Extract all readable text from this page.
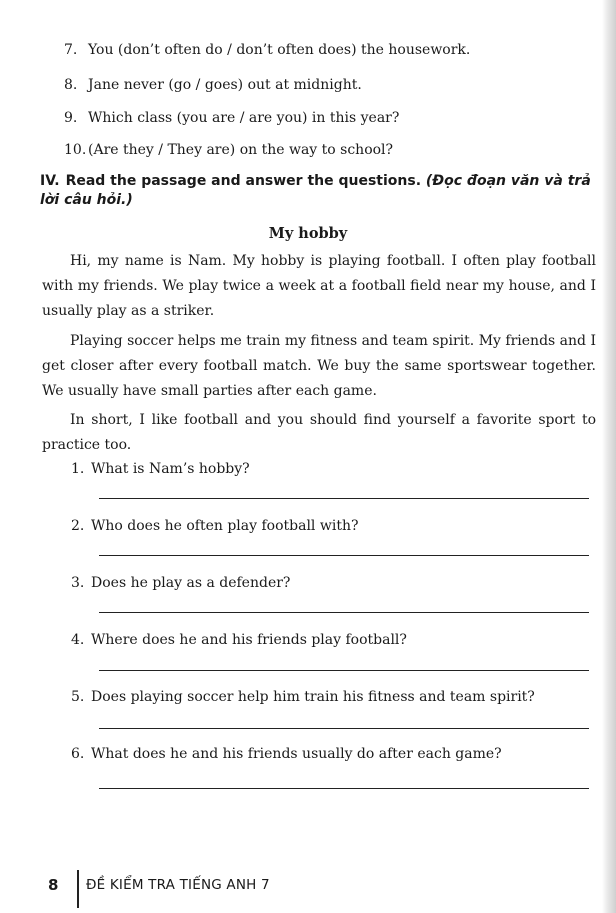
7. You (don’t often do / don’t often does) the housework.
8. Jane never (go / goes) out at midnight.
9. Which class (you are / are you) in this year?
10. (Are they / They are) on the way to school?
IV. Read the passage and answer the questions. (Đọc đoạn văn và trả lời câu hỏi.)
My hobby
Hi, my name is Nam. My hobby is playing football. I often play football with my friends. We play twice a week at a football field near my house, and I usually play as a striker.
Playing soccer helps me train my fitness and team spirit. My friends and I get closer after every football match. We buy the same sportswear together. We usually have small parties after each game.
In short, I like football and you should find yourself a favorite sport to practice too.
1. What is Nam’s hobby?
2. Who does he often play football with?
3. Does he play as a defender?
4. Where does he and his friends play football?
5. Does playing soccer help him train his fitness and team spirit?
6. What does he and his friends usually do after each game?
8 ĐỀ KIỂM TRA TIẾNG ANH 7
